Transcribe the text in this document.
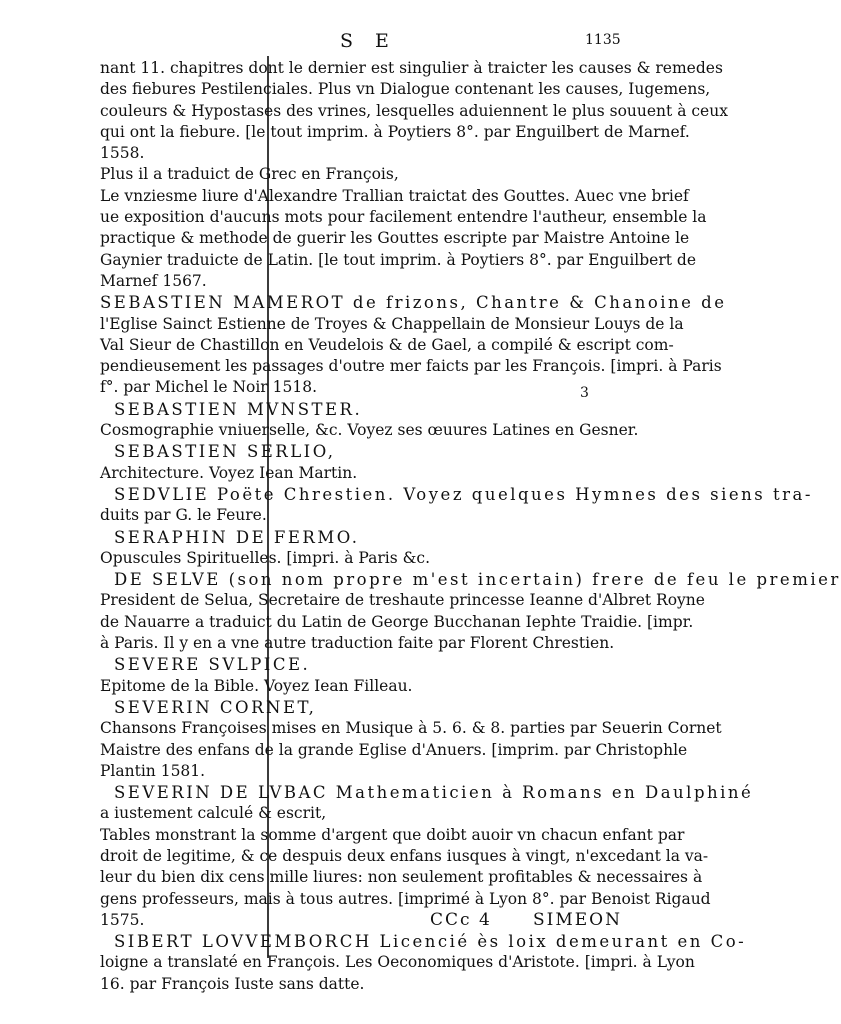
S E	1135
nant 11. chapitres dont le dernier est singulier à traicter les causes & remedes
des fiebures Pestilenciales. Plus vn Dialogue contenant les causes, Iugemens,
couleurs & Hypostases des vrines, lesquelles aduiennent le plus souuent à ceux
qui ont la fiebure. [le tout imprim. à Poytiers 8°. par Enguilbert de Marnef.
1558.
Plus il a traduict de Grec en François,
Le vnziesme liure d'Alexandre Trallian traictat des Gouttes. Auec vne brief
ue exposition d'aucuns mots pour facilement entendre l'autheur, ensemble la
practique & methode de guerir les Gouttes escripte par Maistre Antoine le
Gaynier traduicte de Latin. [le tout imprim. à Poytiers 8°. par Enguilbert de
Marnef 1567.
SEBASTIEN MAMEROT de frizons, Chantre & Chanoine de
l'Eglise Sainct Estienne de Troyes & Chappellain de Monsieur Louys de la
Val Sieur de Chastillon en Veudelois & de Gael, a compilé & escript com-
pendieusement les passages d'outre mer faicts par les François. [impri. à Paris
f°. par Michel le Noir 1518.
SEBASTIEN MVNSTER.
Cosmographie vniuerselle, &c. Voyez ses œuures Latines en Gesner.
SEBASTIEN SERLIO,
Architecture. Voyez Iean Martin.
SEDVLIE Poëte Chrestien. Voyez quelques Hymnes des siens tra-
duits par G. le Feure.
SERAPHIN DE FERMO.
Opuscules Spirituelles. [impri. à Paris &c.
DE SELVE (son nom propre m'est incertain) frere de feu le premier
President de Selua, Secretaire de treshaute princesse Ieanne d'Albret Royne
de Nauarre a traduict du Latin de George Bucchanan Iephte Traidie. [impr.
à Paris. Il y en a vne autre traduction faite par Florent Chrestien.
SEVERE SVLPICE.
Epitome de la Bible. Voyez Iean Filleau.
SEVERIN CORNET,
Chansons Françoises mises en Musique à 5. 6. & 8. parties par Seuerin Cornet
Maistre des enfans de la grande Eglise d'Anuers. [imprim. par Christophle
Plantin 1581.
SEVERIN DE LVBAC Mathematicien à Romans en Daulphiné
a iustement calculé & escrit,
Tables monstrant la somme d'argent que doibt auoir vn chacun enfant par
droit de legitime, & ce despuis deux enfans iusques à vingt, n'excedant la va-
leur du bien dix cens mille liures: non seulement profitables & necessaires à
gens professeurs, mais à tous autres. [imprimé à Lyon 8°. par Benoist Rigaud
1575.
SIBERT LOVVEMBORCH Licencié ès loix demeurant en Co-
loigne a translaté en François. Les Oeconomiques d'Aristote. [impri. à Lyon
16. par François Iuste sans datte.
3
CCc 4 SIMEON
